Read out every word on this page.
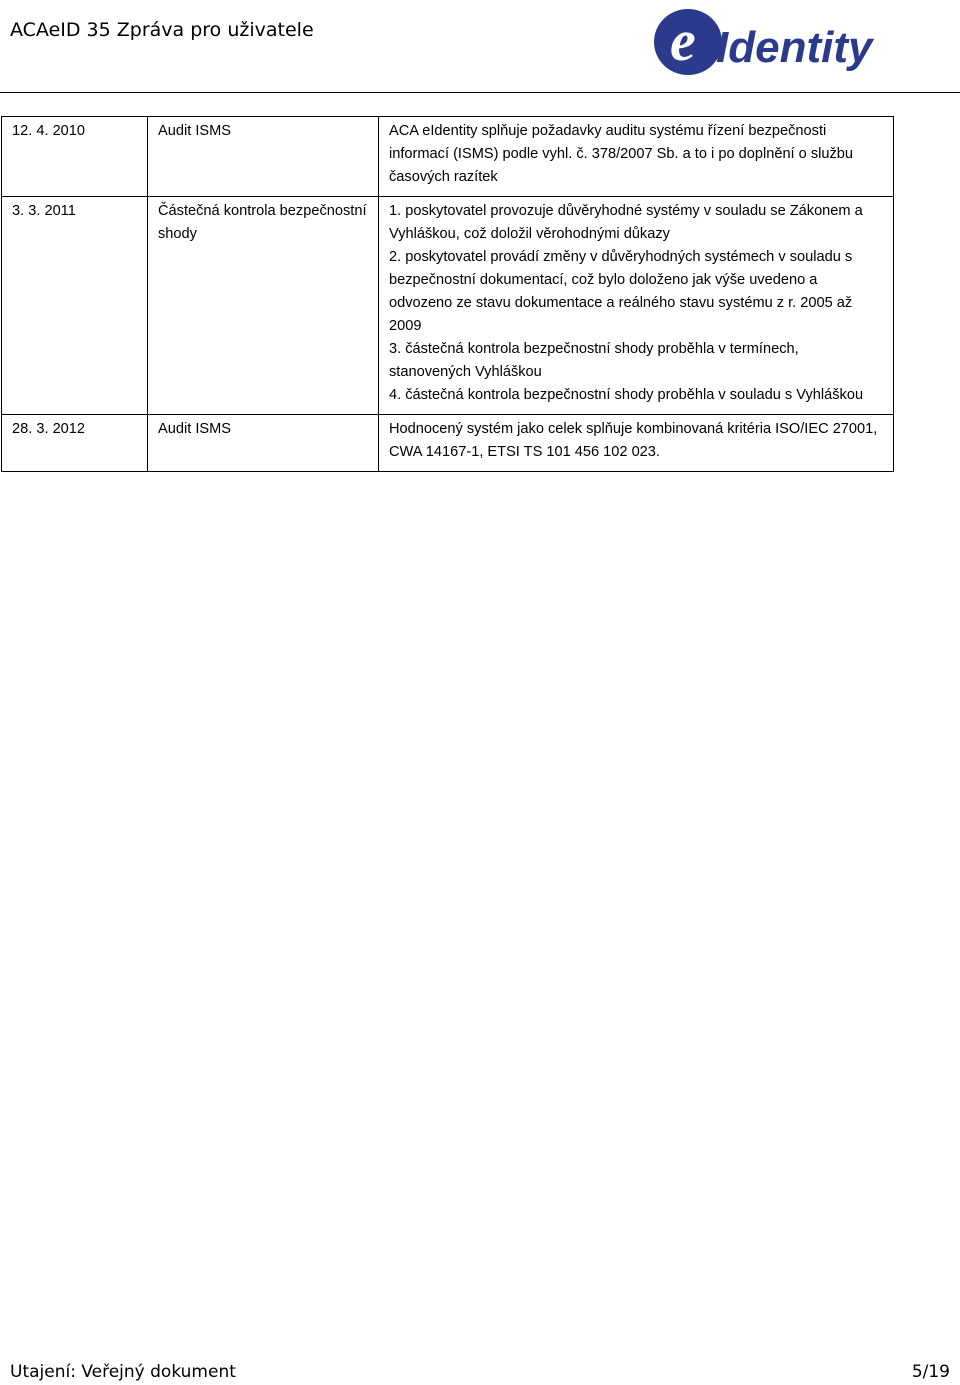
ACAeID 35 Zpráva pro uživatele	e Identity
12. 4. 2010	Audit ISMS	ACA eIdentity splňuje požadavky auditu systému řízení bezpečnosti informací (ISMS) podle vyhl. č. 378/2007 Sb. a to i po doplnění o službu časových razítek

3. 3. 2011	Částečná kontrola bezpečnostní shody	1. poskytovatel provozuje důvěryhodné systémy v souladu se Zákonem a Vyhláškou, což doložil věrohodnými důkazy
2. poskytovatel provádí změny v důvěryhodných systémech v souladu s bezpečnostní dokumentací, což bylo doloženo jak výše uvedeno a odvozeno ze stavu dokumentace a reálného stavu systému z r. 2005 až 2009
3. částečná kontrola bezpečnostní shody proběhla v termínech, stanovených Vyhláškou
4. částečná kontrola bezpečnostní shody proběhla v souladu s Vyhláškou

28. 3. 2012	Audit ISMS	Hodnocený systém jako celek splňuje kombinovaná kritéria ISO/IEC 27001, CWA 14167-1, ETSI TS 101 456 102 023.
Utajení: Veřejný dokument	5/19
